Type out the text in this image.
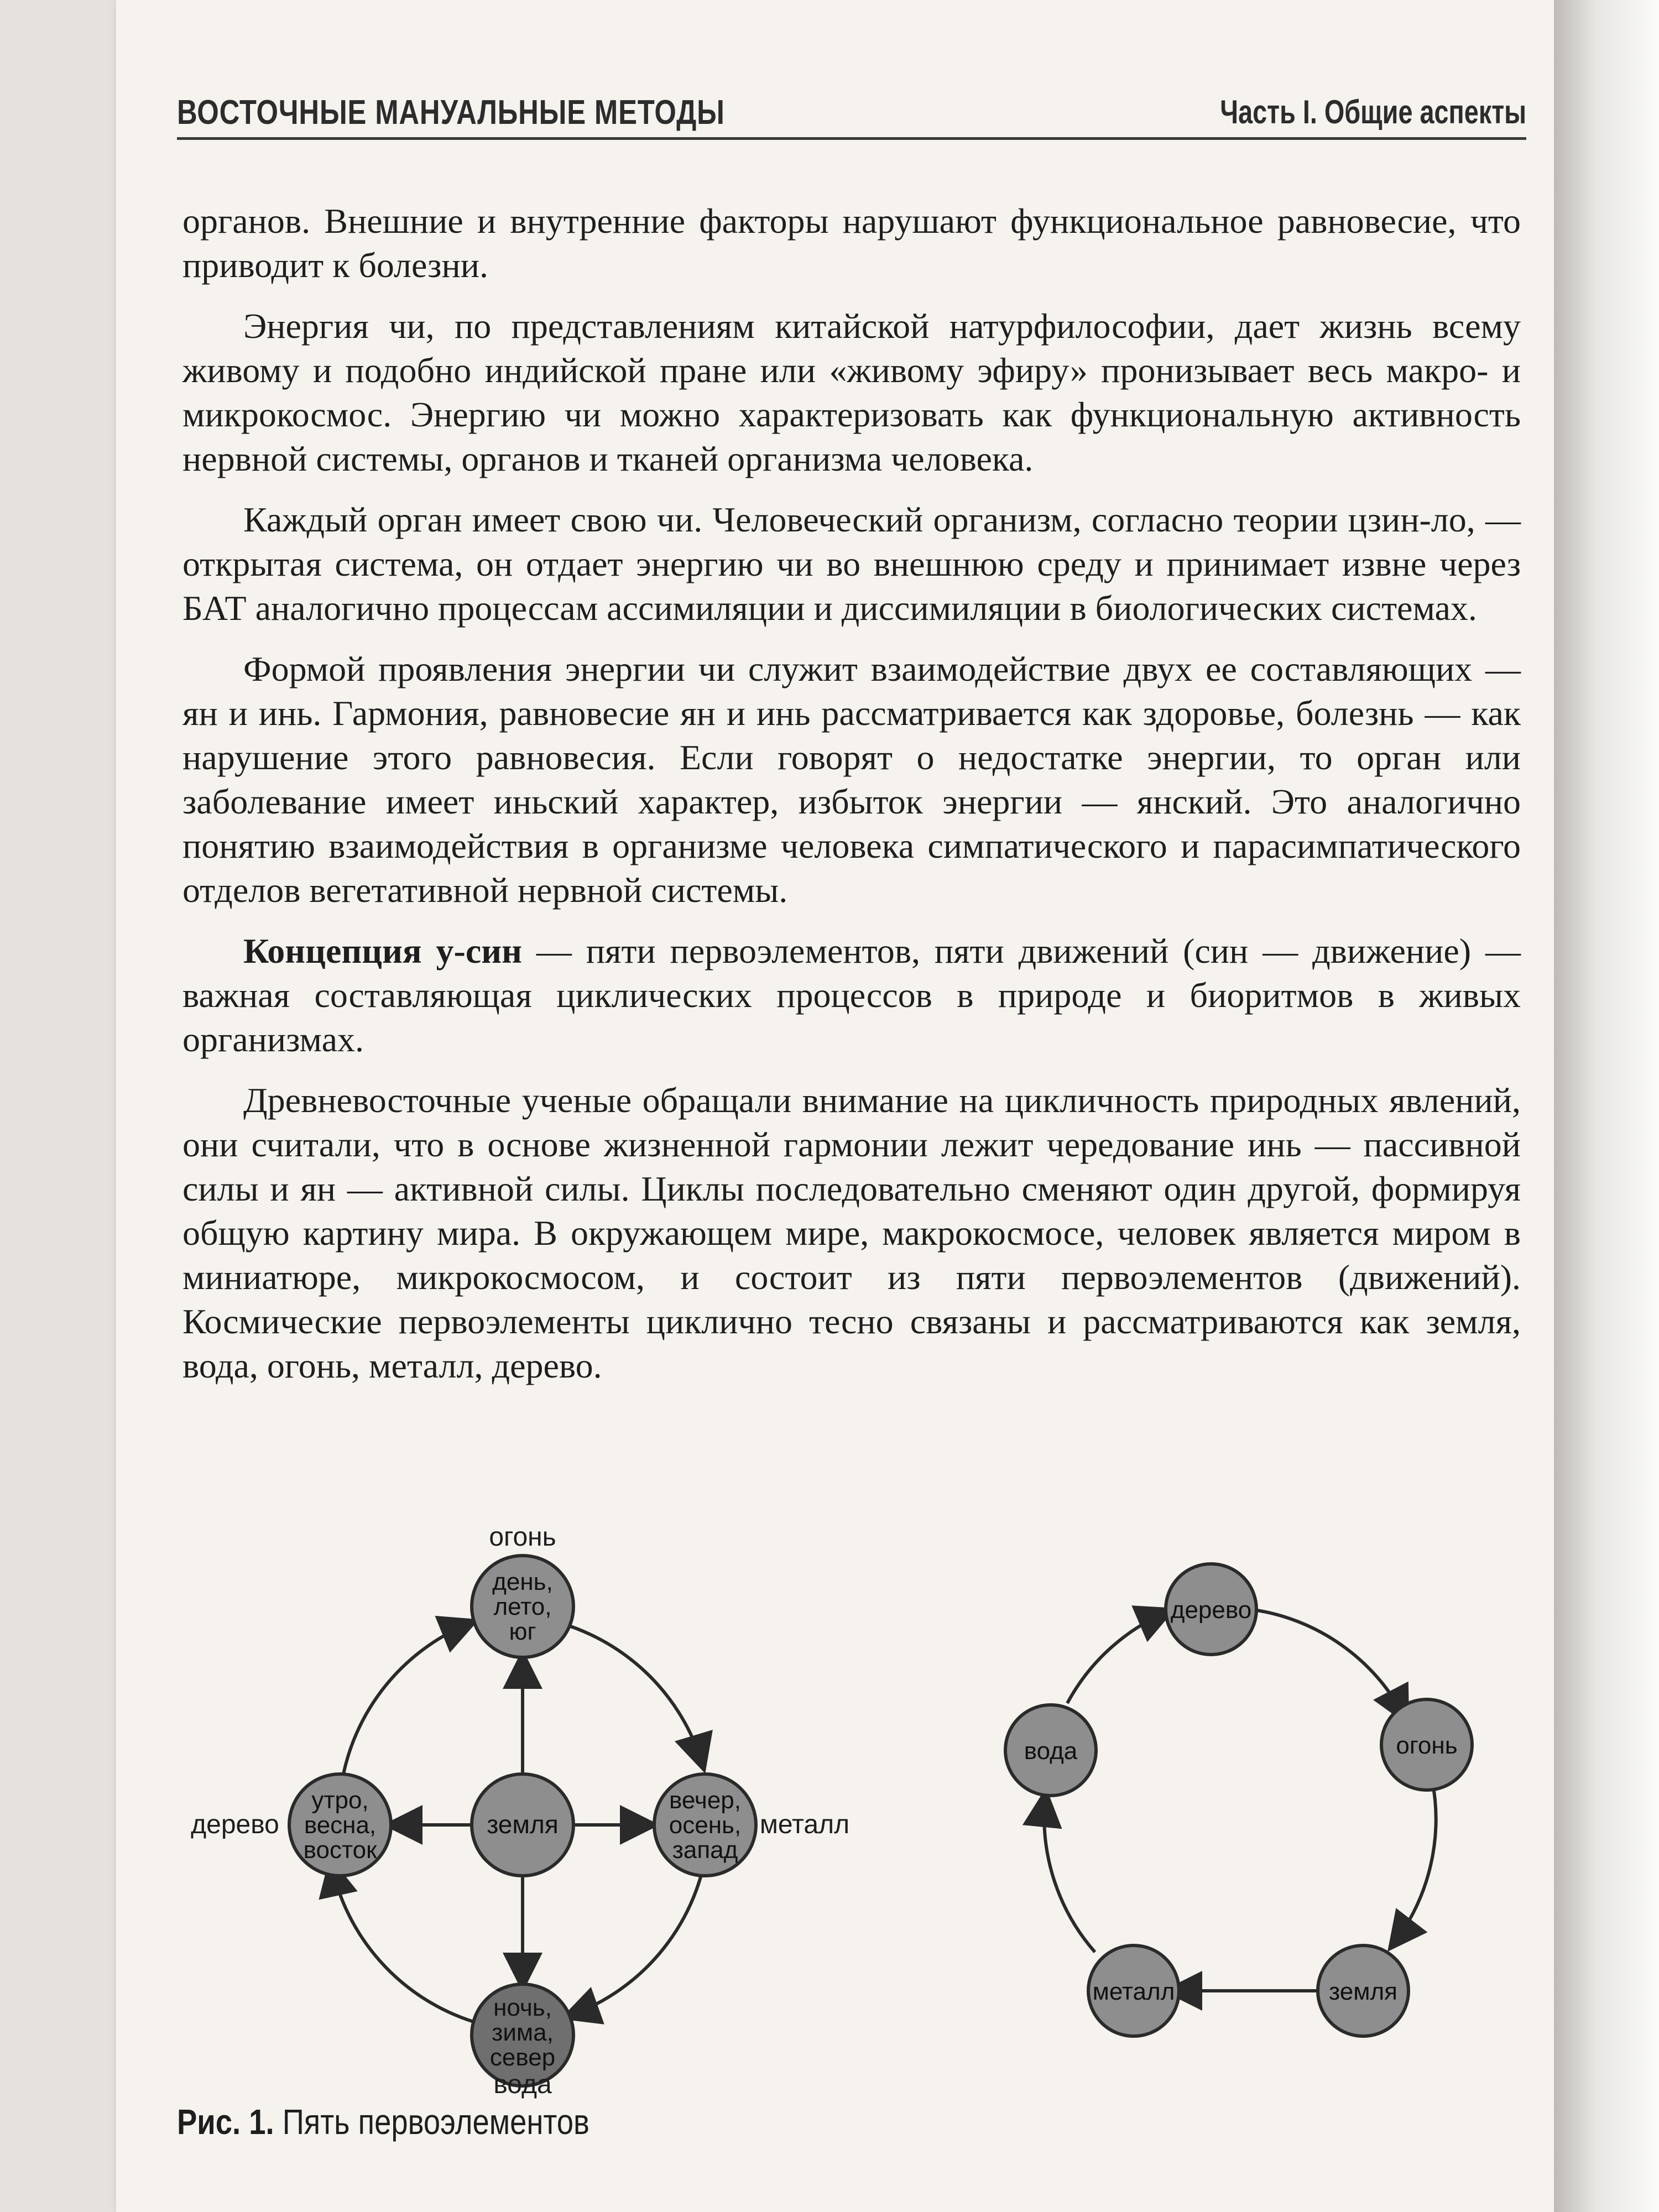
ВОСТОЧНЫЕ МАНУАЛЬНЫЕ МЕТОДЫ	Часть I. Общие аспекты

органов. Внешние и внутренние факторы нарушают функциональное равновесие, что приводит к болезни.

Энергия чи, по представлениям китайской натурфилософии, дает жизнь всему живому и подобно индийской пране или «живому эфиру» пронизывает весь макро- и микрокосмос. Энергию чи можно характеризовать как функциональную активность нервной системы, органов и тканей организма человека.

Каждый орган имеет свою чи. Человеческий организм, согласно теории цзин-ло, — открытая система, он отдает энергию чи во внешнюю среду и принимает извне через БАТ аналогично процессам ассимиляции и диссимиляции в биологических системах.

Формой проявления энергии чи служит взаимодействие двух ее составляющих — ян и инь. Гармония, равновесие ян и инь рассматривается как здоровье, болезнь — как нарушение этого равновесия. Если говорят о недостатке энергии, то орган или заболевание имеет иньский характер, избыток энергии — янский. Это аналогично понятию взаимодействия в организме человека симпатического и парасимпатического отделов вегетативной нервной системы.

Концепция у-син — пяти первоэлементов, пяти движений (син — движение) — важная составляющая циклических процессов в природе и биоритмов в живых организмах.

Древневосточные ученые обращали внимание на цикличность природных явлений, они считали, что в основе жизненной гармонии лежит чередование инь — пассивной силы и ян — активной силы. Циклы последовательно сменяют один другой, формируя общую картину мира. В окружающем мире, макрокосмосе, человек является миром в миниатюре, микрокосмосом, и состоит из пяти первоэлементов (движений). Космические первоэлементы циклично тесно связаны и рассматриваются как земля, вода, огонь, металл, дерево.

огонь
день,
лето,
юг
дерево
утро,
весна,
восток
земля
вечер,
осень,
запад
металл
ночь,
зима,
север
вода
дерево
огонь
земля
металл
вода
Рис. 1. Пять первоэлементов
